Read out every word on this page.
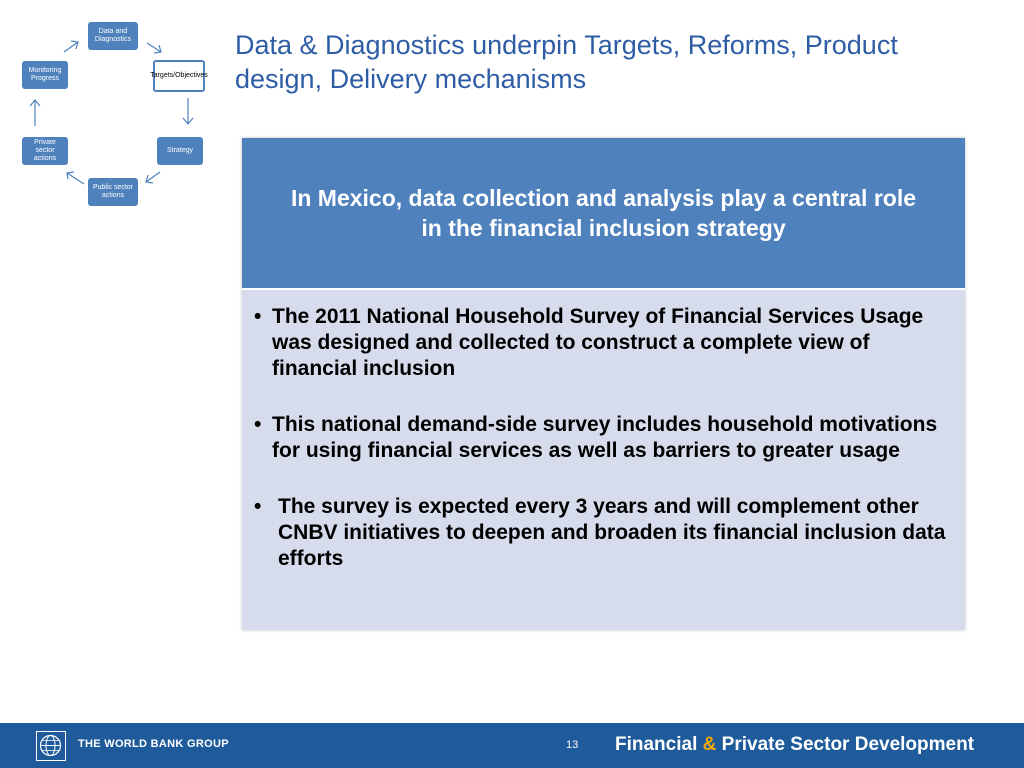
Data and Diagnostics
Targets/Objectives
Strategy
Public sector actions
Private sector actions
Monitoring Progress
Data & Diagnostics underpin Targets, Reforms, Product design, Delivery mechanisms
In Mexico, data collection and analysis play a central role in the financial inclusion strategy
• The 2011 National Household Survey of Financial Services Usage was designed and collected to construct a complete view of financial inclusion
• This national demand-side survey includes household motivations for using financial services as well as barriers to greater usage
• The survey is expected every 3 years and will complement other CNBV initiatives to deepen and broaden its financial inclusion data efforts
THE WORLD BANK GROUP	13 Financial & Private Sector Development
